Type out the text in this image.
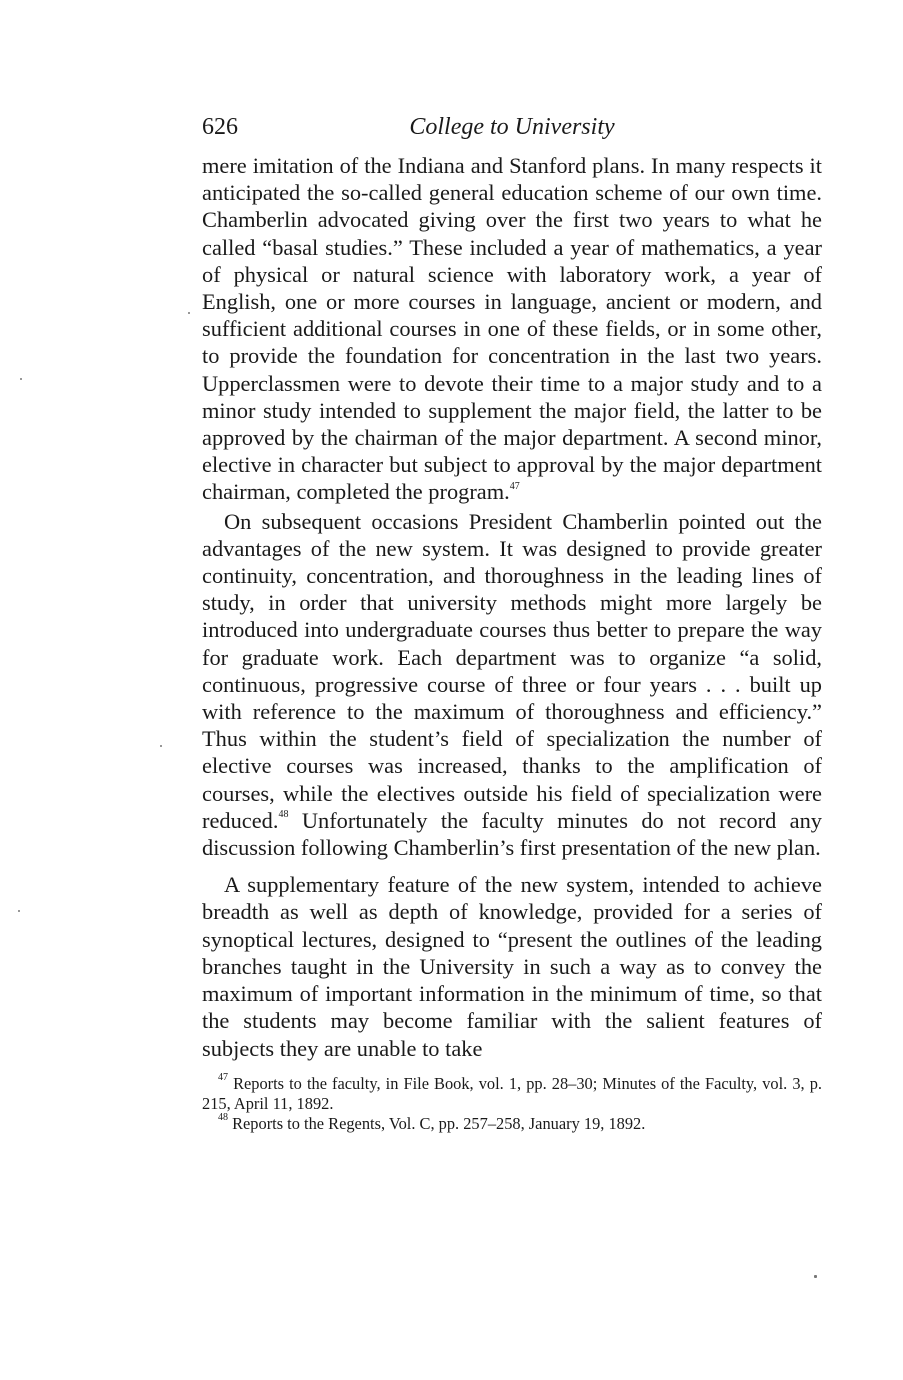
626	College to University

mere imitation of the Indiana and Stanford plans. In many respects it anticipated the so-called general education scheme of our own time. Chamberlin advocated giving over the first two years to what he called “basal studies.” These included a year of mathematics, a year of physical or natural science with laboratory work, a year of English, one or more courses in language, ancient or modern, and sufficient additional courses in one of these fields, or in some other, to provide the foundation for concentration in the last two years. Upperclassmen were to devote their time to a major study and to a minor study intended to supplement the major field, the latter to be approved by the chairman of the major department. A second minor, elective in character but subject to approval by the major department chairman, completed the program.$^{47}$

On subsequent occasions President Chamberlin pointed out the advantages of the new system. It was designed to provide greater continuity, concentration, and thoroughness in the leading lines of study, in order that university methods might more largely be introduced into undergraduate courses thus better to prepare the way for graduate work. Each department was to organize “a solid, continuous, progressive course of three or four years . . . built up with reference to the maximum of thoroughness and efficiency.” Thus within the student’s field of specialization the number of elective courses was increased, thanks to the amplification of courses, while the electives outside his field of specialization were reduced.$^{48}$ Unfortunately the faculty minutes do not record any discussion following Chamberlin’s first presentation of the new plan.

A supplementary feature of the new system, intended to achieve breadth as well as depth of knowledge, provided for a series of synoptical lectures, designed to “present the outlines of the leading branches taught in the University in such a way as to convey the maximum of important information in the minimum of time, so that the students may become familiar with the salient features of subjects they are unable to take

$^{47}$ Reports to the faculty, in File Book, vol. 1, pp. 28–30; Minutes of the Faculty, vol. 3, p. 215, April 11, 1892.

$^{48}$ Reports to the Regents, Vol. C, pp. 257–258, January 19, 1892.
